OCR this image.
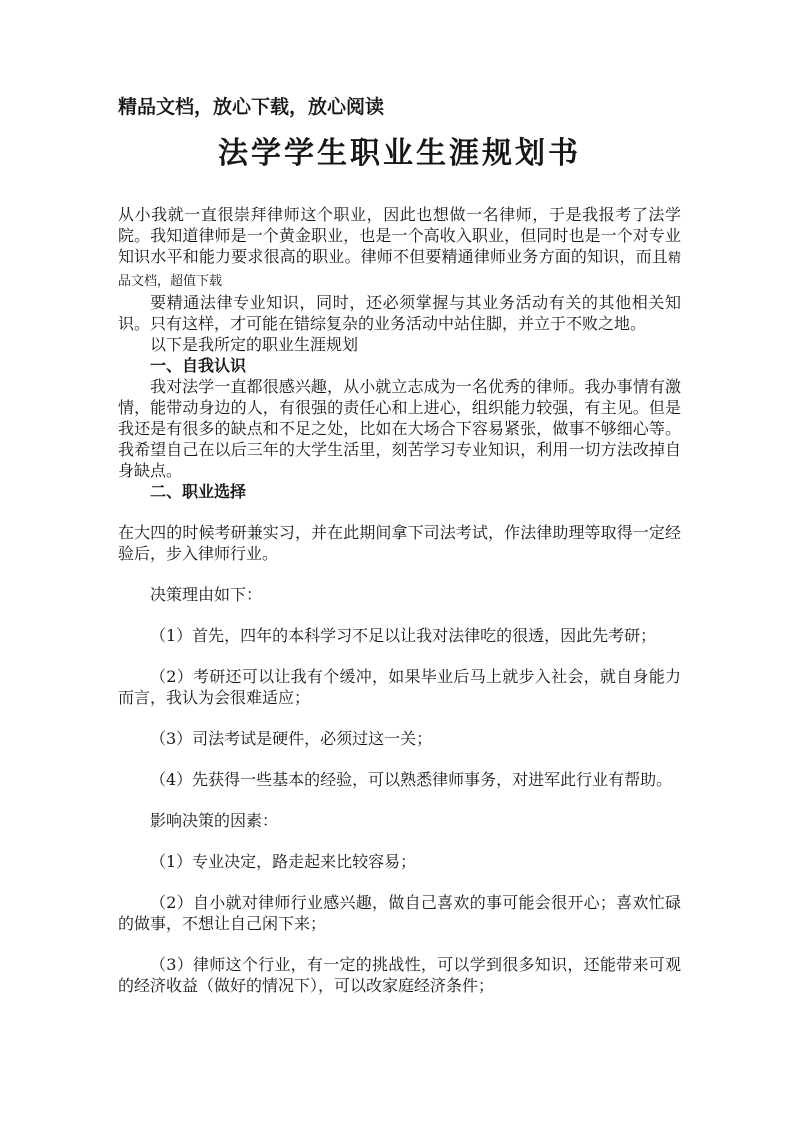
精品文档，放心下载，放心阅读

法学学生职业生涯规划书

从小我就一直很崇拜律师这个职业，因此也想做一名律师，于是我报考了法学院。我知道律师是一个黄金职业，也是一个高收入职业，但同时也是一个对专业知识水平和能力要求很高的职业。律师不但要精通律师业务方面的知识，而且精品文档，超值下载

要精通法律专业知识，同时，还必须掌握与其业务活动有关的其他相关知识。只有这样，才可能在错综复杂的业务活动中站住脚，并立于不败之地。

以下是我所定的职业生涯规划

一、自我认识

我对法学一直都很感兴趣，从小就立志成为一名优秀的律师。我办事情有激情，能带动身边的人，有很强的责任心和上进心，组织能力较强，有主见。但是我还是有很多的缺点和不足之处，比如在大场合下容易紧张，做事不够细心等。我希望自己在以后三年的大学生活里，刻苦学习专业知识，利用一切方法改掉自身缺点。

二、职业选择

在大四的时候考研兼实习，并在此期间拿下司法考试，作法律助理等取得一定经验后，步入律师行业。

决策理由如下：

（1）首先，四年的本科学习不足以让我对法律吃的很透，因此先考研；

（2）考研还可以让我有个缓冲，如果毕业后马上就步入社会，就自身能力而言，我认为会很难适应；

（3）司法考试是硬件，必须过这一关；

（4）先获得一些基本的经验，可以熟悉律师事务，对进军此行业有帮助。

影响决策的因素：

（1）专业决定，路走起来比较容易；

（2）自小就对律师行业感兴趣，做自己喜欢的事可能会很开心；喜欢忙碌的做事，不想让自己闲下来；

（3）律师这个行业，有一定的挑战性，可以学到很多知识，还能带来可观的经济收益（做好的情况下），可以改家庭经济条件；
